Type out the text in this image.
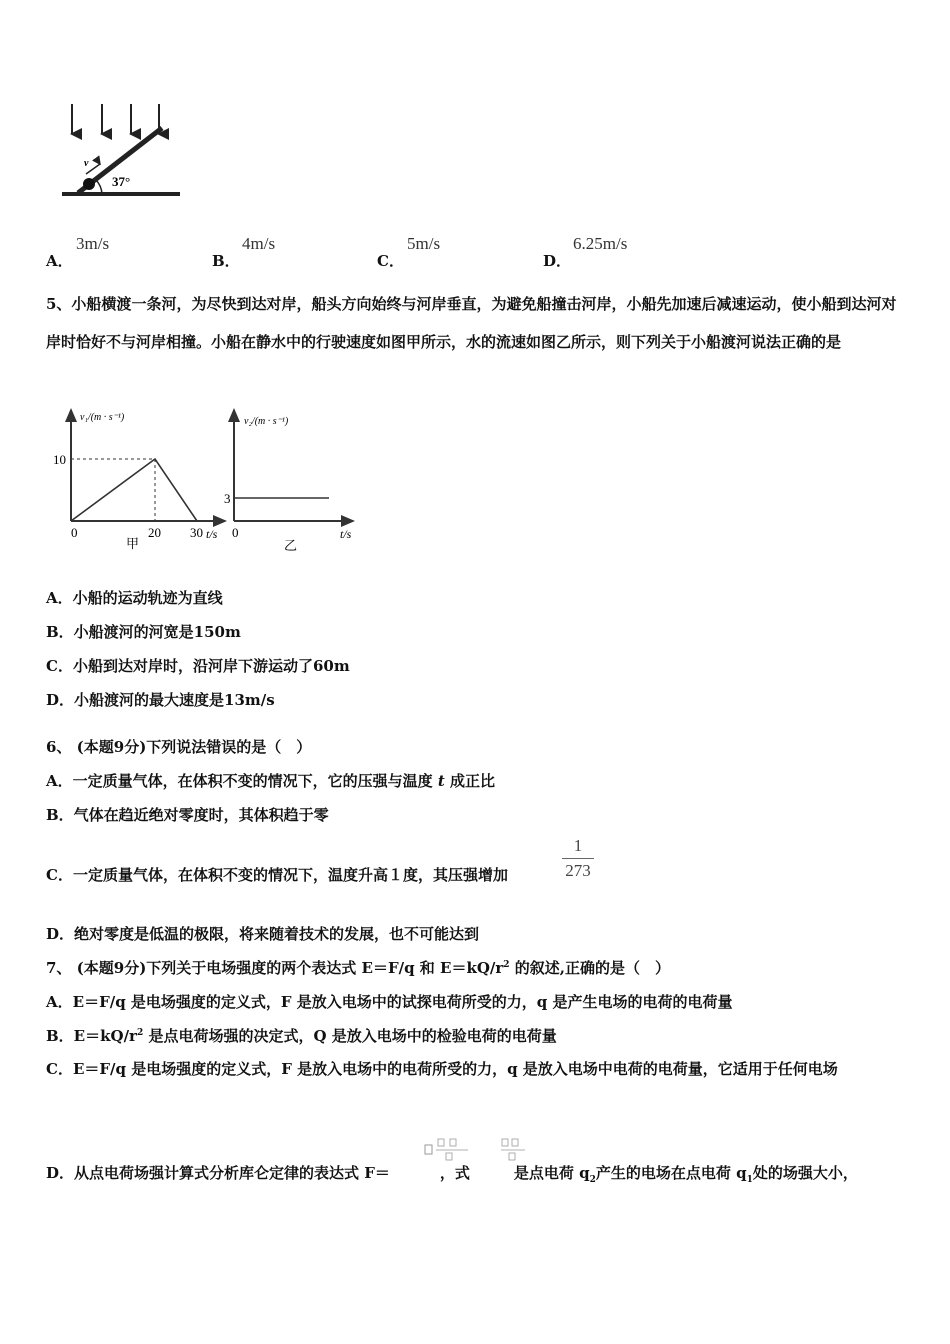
v
37°
A．
3m/s
B．
4m/s
C．
5m/s
D．
6.25m/s
5、小船横渡一条河，为尽快到达对岸，船头方向始终与河岸垂直，为避免船撞击河岸，小船先加速后减速运动，使小船到达河对岸时恰好不与河岸相撞。小船在静水中的行驶速度如图甲所示，水的流速如图乙所示，则下列关于小船渡河说法正确的是
v₁/(m · s⁻¹)
t/s
甲
0	20 30
10
v₂/(m · s⁻¹)
t/s
乙
0
3
A．小船的运动轨迹为直线
B．小船渡河的河宽是150m
C．小船到达对岸时，沿河岸下游运动了60m
D．小船渡河的最大速度是13m/s
6、 (本题9分)下列说法错误的是（　）
A．一定质量气体，在体积不变的情况下，它的压强与温度 t 成正比
B．气体在趋近绝对零度时，其体积趋于零
C．一定质量气体，在体积不变的情况下，温度升高１度，其压强增加
1
273
D．绝对零度是低温的极限，将来随着技术的发展，也不可能达到
7、 (本题9分)下列关于电场强度的两个表达式 E＝F/q 和 $E=kQ/r^2$ 的叙述,正确的是（　）
A．E＝F/q 是电场强度的定义式，F 是放入电场中的试探电荷所受的力，q 是产生电场的电荷的电荷量
B．$E=kQ/r^2$ 是点电荷场强的决定式，Q 是放入电场中的检验电荷的电荷量
C．E＝F/q 是电场强度的定义式，F 是放入电场中的电荷所受的力，q 是放入电场中电荷的电荷量，它适用于任何电场
D．从点电荷场强计算式分析库仑定律的表达式 F＝	，式	是点电荷 $q_2$产生的电场在点电荷 $q_1$处的场强大小，
